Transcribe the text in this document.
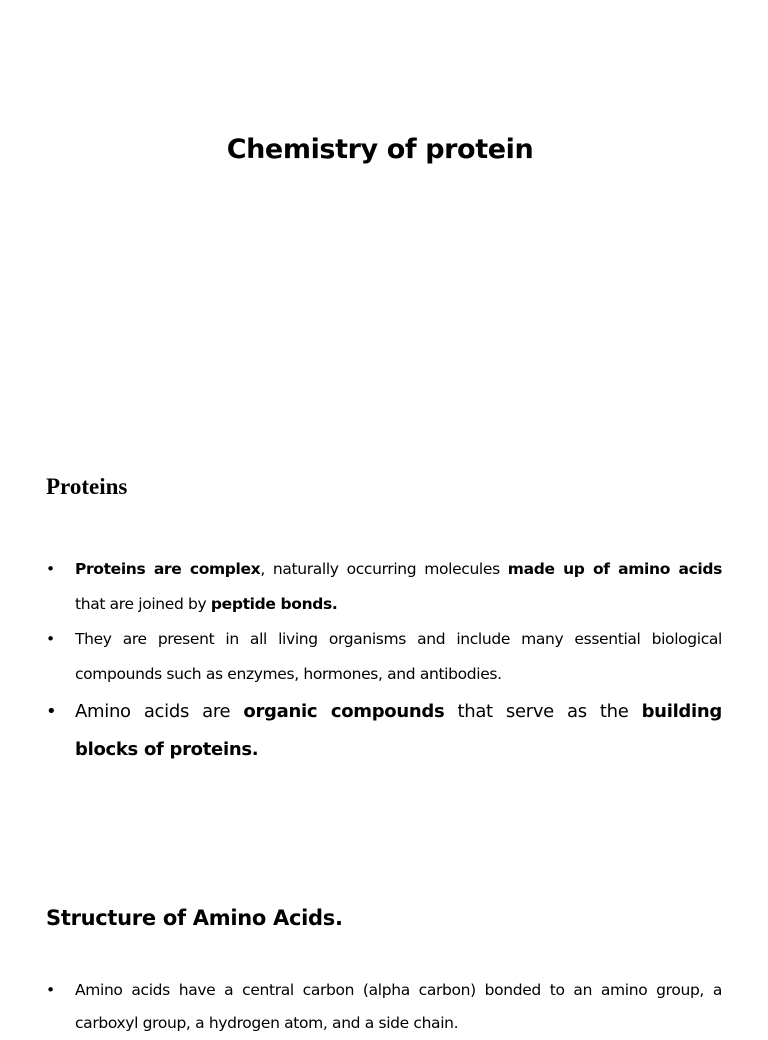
Chemistry of protein
Proteins
• Proteins are complex, naturally occurring molecules made up of amino acids that are joined by peptide bonds.
• They are present in all living organisms and include many essential biological compounds such as enzymes, hormones, and antibodies.
• Amino acids are organic compounds that serve as the building blocks of proteins.
Structure of Amino Acids.
• Amino acids have a central carbon (alpha carbon) bonded to an amino group, a carboxyl group, a hydrogen atom, and a side chain.
